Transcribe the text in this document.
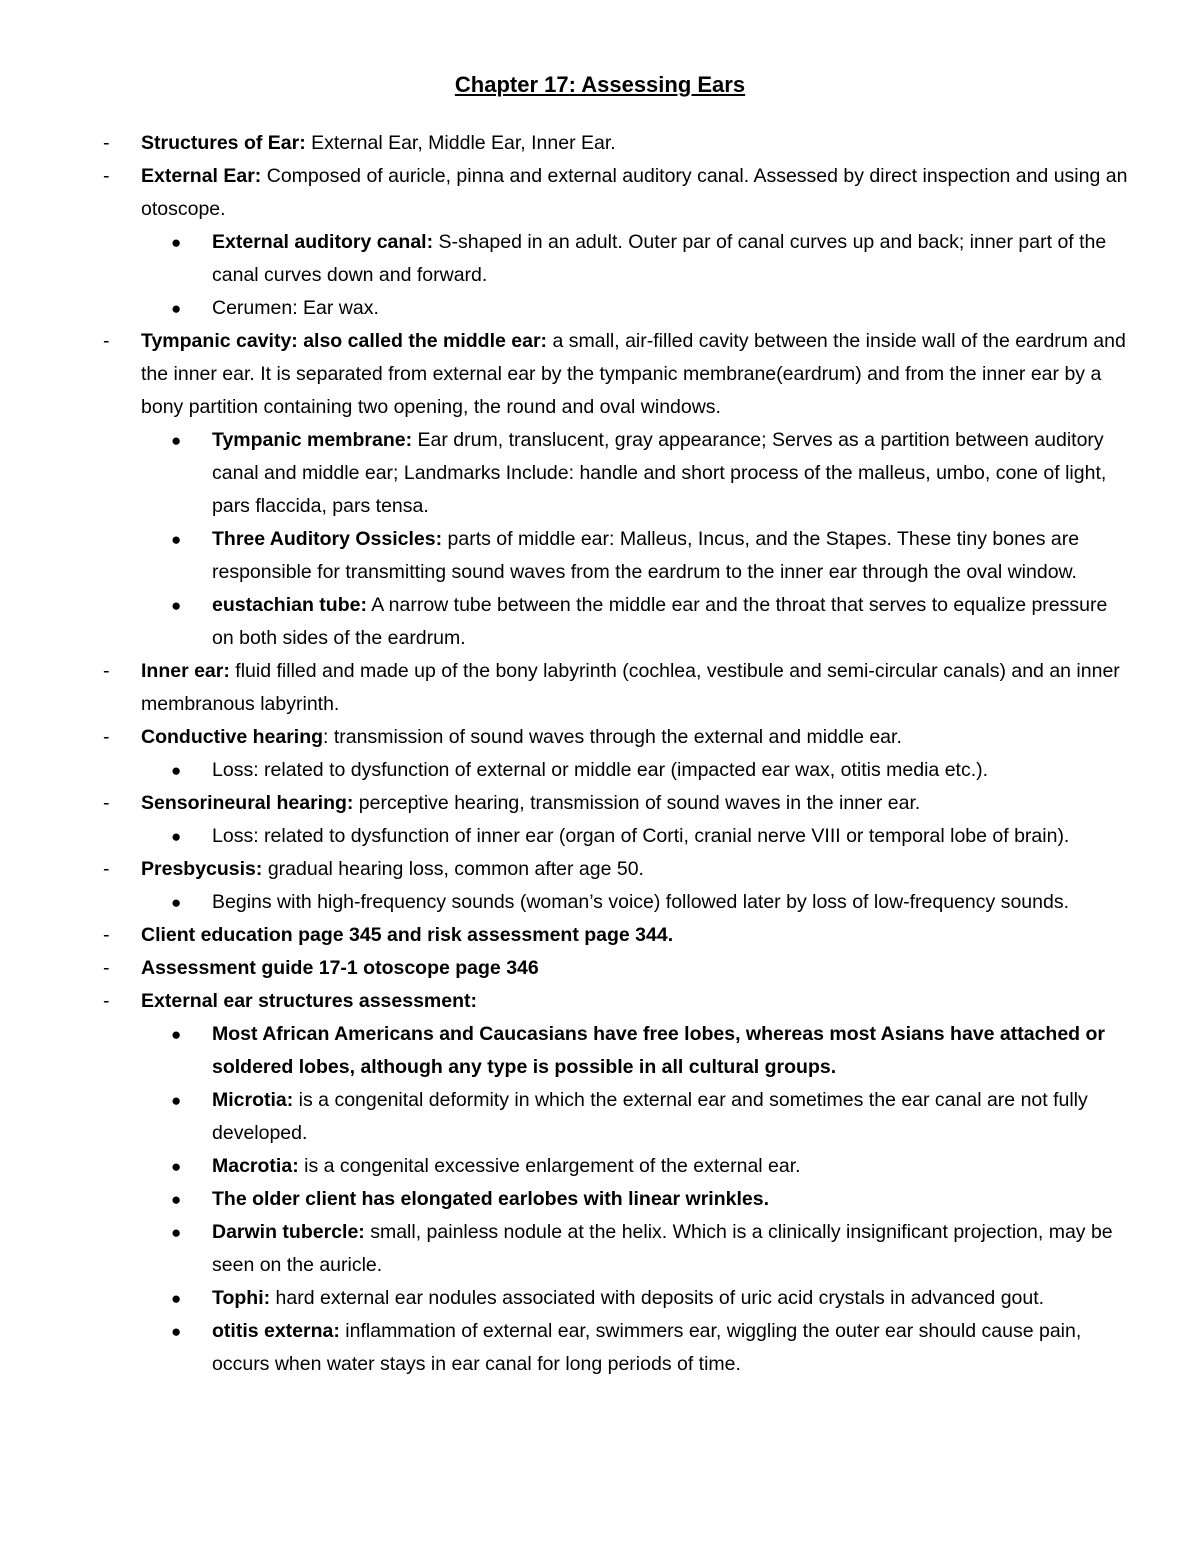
Chapter 17: Assessing Ears
-	Structures of Ear: External Ear, Middle Ear, Inner Ear.
-	External Ear: Composed of auricle, pinna and external auditory canal. Assessed by direct inspection and using an otoscope.
●	External auditory canal: S-shaped in an adult. Outer par of canal curves up and back; inner part of the canal curves down and forward.
●	Cerumen: Ear wax.
-	Tympanic cavity: also called the middle ear: a small, air-filled cavity between the inside wall of the eardrum and the inner ear. It is separated from external ear by the tympanic membrane(eardrum) and from the inner ear by a bony partition containing two opening, the round and oval windows.
●	Tympanic membrane: Ear drum, translucent, gray appearance; Serves as a partition between auditory canal and middle ear; Landmarks Include: handle and short process of the malleus, umbo, cone of light, pars flaccida, pars tensa.
●	Three Auditory Ossicles: parts of middle ear: Malleus, Incus, and the Stapes. These tiny bones are responsible for transmitting sound waves from the eardrum to the inner ear through the oval window.
●	eustachian tube: A narrow tube between the middle ear and the throat that serves to equalize pressure on both sides of the eardrum.
-	Inner ear: fluid filled and made up of the bony labyrinth (cochlea, vestibule and semi-circular canals) and an inner membranous labyrinth.
-	Conductive hearing: transmission of sound waves through the external and middle ear.
●	Loss: related to dysfunction of external or middle ear (impacted ear wax, otitis media etc.).
-	Sensorineural hearing: perceptive hearing, transmission of sound waves in the inner ear.
●	Loss: related to dysfunction of inner ear (organ of Corti, cranial nerve VIII or temporal lobe of brain).
-	Presbycusis: gradual hearing loss, common after age 50.
●	Begins with high-frequency sounds (woman’s voice) followed later by loss of low-frequency sounds.
-	Client education page 345 and risk assessment page 344.
-	Assessment guide 17-1 otoscope page 346
-	External ear structures assessment:
●	Most African Americans and Caucasians have free lobes, whereas most Asians have attached or soldered lobes, although any type is possible in all cultural groups.
●	Microtia: is a congenital deformity in which the external ear and sometimes the ear canal are not fully developed.
●	Macrotia: is a congenital excessive enlargement of the external ear.
●	The older client has elongated earlobes with linear wrinkles.
●	Darwin tubercle: small, painless nodule at the helix. Which is a clinically insignificant projection, may be seen on the auricle.
●	Tophi: hard external ear nodules associated with deposits of uric acid crystals in advanced gout.
●	otitis externa: inflammation of external ear, swimmers ear, wiggling the outer ear should cause pain, occurs when water stays in ear canal for long periods of time.
